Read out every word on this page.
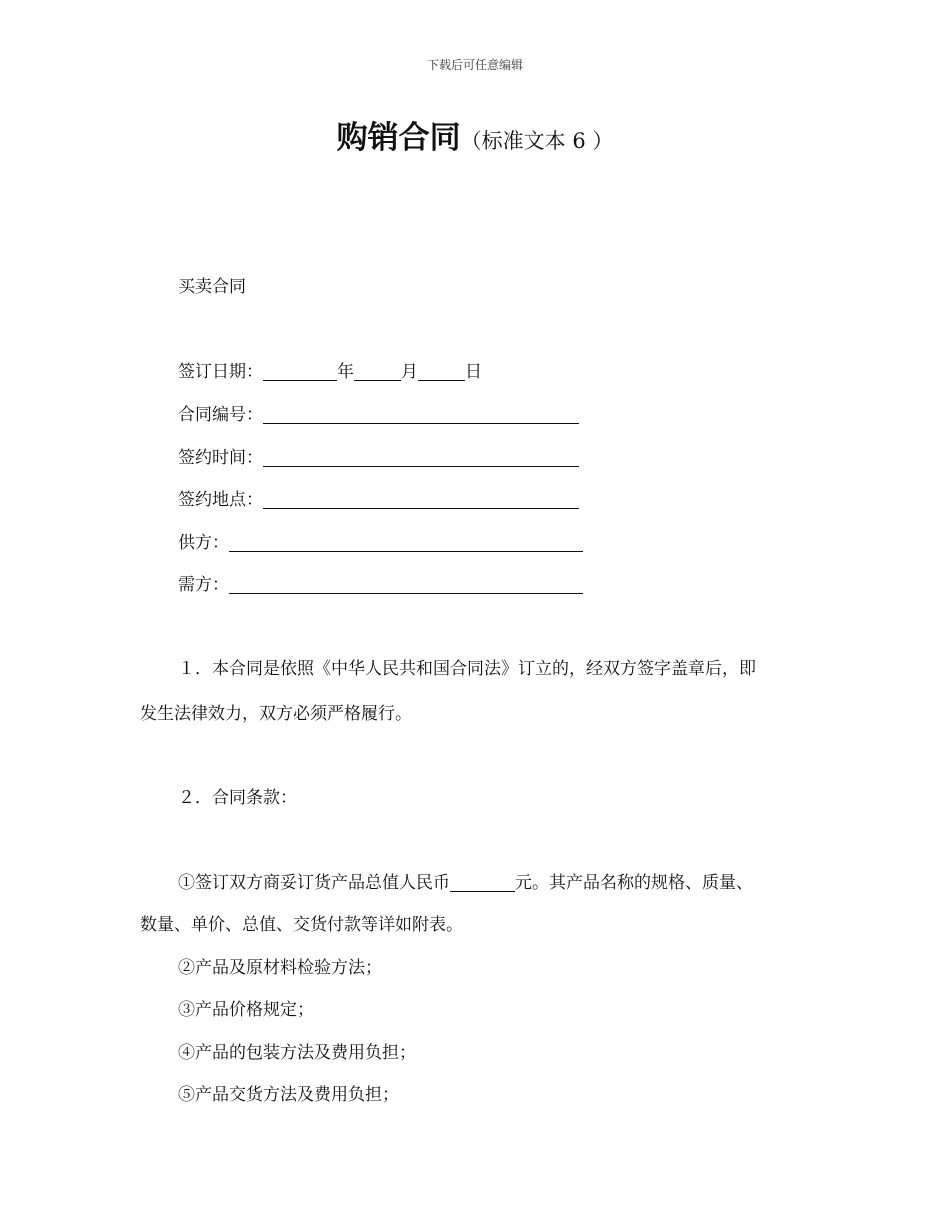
下载后可任意编辑
购销合同（标准文本 6 ）
买卖合同
签订日期：	年	月	日
合同编号：
签约时间：
签约地点：
供方：
需方：
１．本合同是依照《中华人民共和国合同法》订立的，经双方签字盖章后，即
发生法律效力，双方必须严格履行。
２．合同条款：
①签订双方商妥订货产品总值人民币	元。其产品名称的规格、质量、
数量、单价、总值、交货付款等详如附表。
②产品及原材料检验方法；
③产品价格规定；
④产品的包装方法及费用负担；
⑤产品交货方法及费用负担；
